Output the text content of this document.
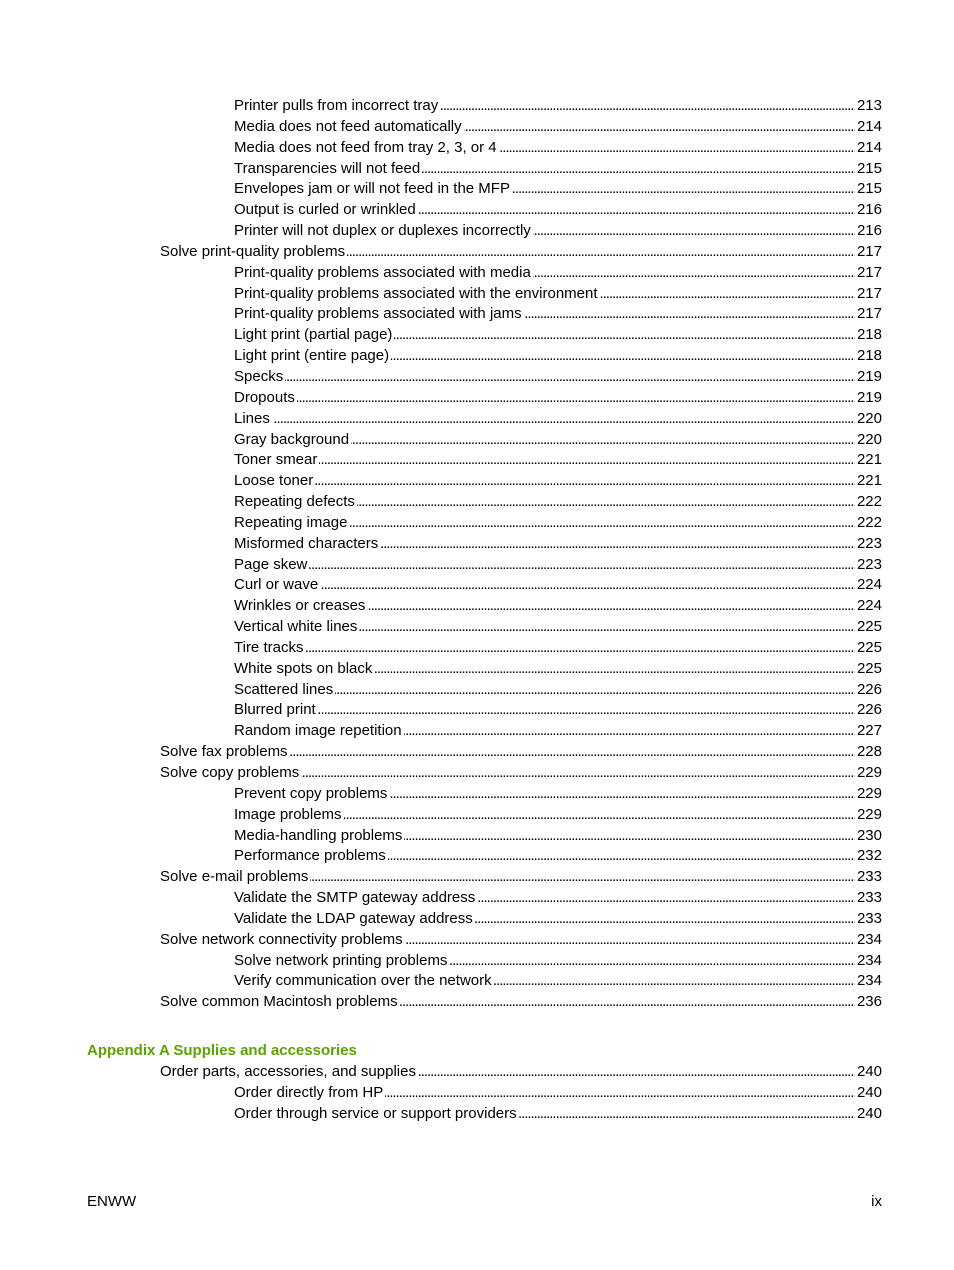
Printer pulls from incorrect tray . . .	213
Media does not feed automatically . . .	214
Media does not feed from tray 2, 3, or 4 . . .	214
Transparencies will not feed . . .	215
Envelopes jam or will not feed in the MFP . . .	215
Output is curled or wrinkled . . .	216
Printer will not duplex or duplexes incorrectly . . .	216
Solve print-quality problems . . .	217
Print-quality problems associated with media . . .	217
Print-quality problems associated with the environment . . .	217
Print-quality problems associated with jams . . .	217
Light print (partial page) . . .	218
Light print (entire page) . . .	218
Specks . . .	219
Dropouts . . .	219
Lines . . .	220
Gray background . . .	220
Toner smear . . .	221
Loose toner . . .	221
Repeating defects . . .	222
Repeating image . . .	222
Misformed characters . . .	223
Page skew . . .	223
Curl or wave . . .	224
Wrinkles or creases . . .	224
Vertical white lines . . .	225
Tire tracks . . .	225
White spots on black . . .	225
Scattered lines . . .	226
Blurred print . . .	226
Random image repetition . . .	227
Solve fax problems . . .	228
Solve copy problems . . .	229
Prevent copy problems . . .	229
Image problems . . .	229
Media-handling problems . . .	230
Performance problems . . .	232
Solve e-mail problems . . .	233
Validate the SMTP gateway address . . .	233
Validate the LDAP gateway address . . .	233
Solve network connectivity problems . . .	234
Solve network printing problems . . .	234
Verify communication over the network . . .	234
Solve common Macintosh problems . . .	236
Appendix A Supplies and accessories
Order parts, accessories, and supplies . . .	240
Order directly from HP . . .	240
Order through service or support providers . . .	240
ENWW	ix
